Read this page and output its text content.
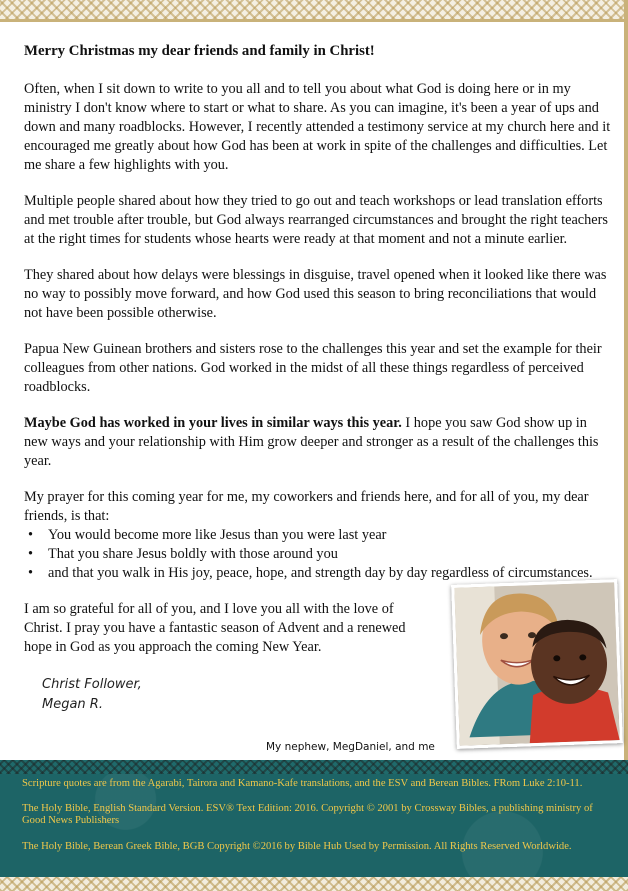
Merry Christmas my dear friends and family in Christ!

Often, when I sit down to write to you all and to tell you about what God is doing here or in my ministry I don't know where to start or what to share. As you can imagine, it's been a year of ups and down and many roadblocks. However, I recently attended a testimony service at my church here and it encouraged me greatly about how God has been at work in spite of the challenges and difficulties. Let me share a few highlights with you.

Multiple people shared about how they tried to go out and teach workshops or lead translation efforts and met trouble after trouble, but God always rearranged circumstances and brought the right teachers at the right times for students whose hearts were ready at that moment and not a minute earlier.

They shared about how delays were blessings in disguise, travel opened when it looked like there was no way to possibly move forward, and how God used this season to bring reconciliations that would not have been possible otherwise.

Papua New Guinean brothers and sisters rose to the challenges this year and set the example for their colleagues from other nations. God worked in the midst of all these things regardless of perceived roadblocks.

Maybe God has worked in your lives in similar ways this year. I hope you saw God show up in new ways and your relationship with Him grow deeper and stronger as a result of the challenges this year.

My prayer for this coming year for me, my coworkers and friends here, and for all of you, my dear friends, is that:

• You would become more like Jesus than you were last year
• That you share Jesus boldly with those around you
• and that you walk in His joy, peace, hope, and strength day by day regardless of circumstances.

I am so grateful for all of you, and I love you all with the love of Christ. I pray you have a fantastic season of Advent and a renewed hope in God as you approach the coming New Year.

Christ Follower,
Megan R.
My nephew, MegDaniel, and me

Scripture quotes are from the Agarabi, Tairora and Kamano-Kafe translations, and the ESV and Berean Bibles. FRom Luke 2:10-11.

The Holy Bible, English Standard Version. ESV® Text Edition: 2016. Copyright © 2001 by Crossway Bibles, a publishing ministry of Good News Publishers

The Holy Bible, Berean Greek Bible, BGB Copyright ©2016 by Bible Hub Used by Permission. All Rights Reserved Worldwide.
